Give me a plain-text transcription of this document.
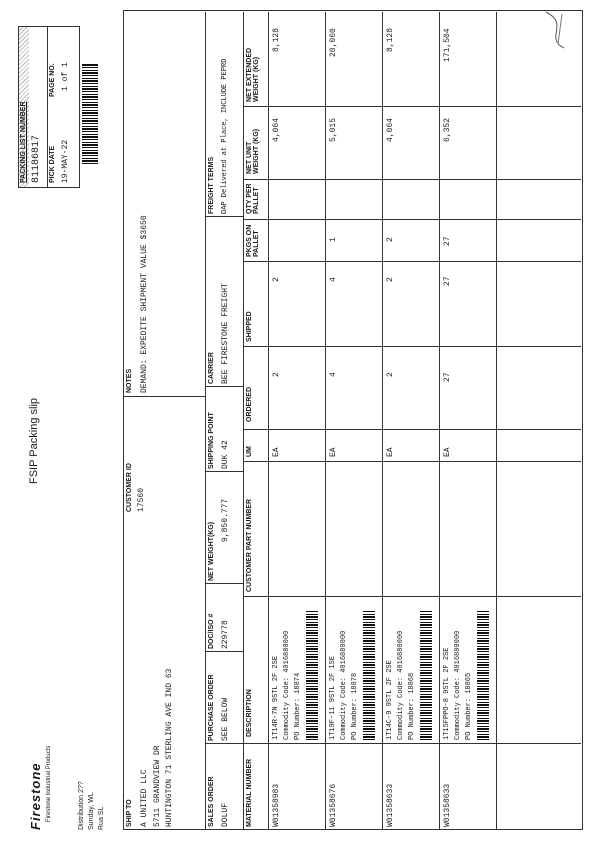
Firestone Firestone Industrial Products	Distribution 2?? Sunday, WL Rua SL
FSIP Packing slip
PACKING LIST NUMBER 81186817
PAGE NO. 1 of 1
PICK DATE 19-MAY-22
SHIP TO
CUSTOMER ID 17560
A UNITED LLC 5711 GRANDVIEW DR HUNTINGTON 71 STERLING AVE IND 63
NOTES DEMAND: EXPEDITE SHIPMENT VALUE $3650
SALES ORDER DOLUF
PURCHASE ORDER SEE BELOW
DOC/ISO # 229778
NET WEIGHT(KG)
9,850.777
SHIPPING POINT DUK 42
CARRIER BEE FIRESTONE FREIGHT
FREIGHT TERMS DAP Delivered at Place, INCLUDE PEPRD
MATERIAL NUMBER
DESCRIPTION
CUSTOMER PART NUMBER
UM
ORDERED
SHIPPED
PKGS ON PALLET
QTY PER PALLET
NET UNIT WEIGHT (KG)
NET EXTENDED WEIGHT (KG)
W01358983
1T14R-7N 9STL 2F 2SE Commodity Code: 4016880000 PO Number: 18874
EA
2
2
4,064
8,128
W01358676
1T19F-11 9STL 2F 1SE Commodity Code: 4016880000 PO Number: 18878
EA
4
4
1
5,015
20,060
W01358633
1T14C-9 9STL 2F 2SE Commodity Code: 4016880000 PO Number: 18868
EA
2
2
2
4,064
8,128
W01358633
1T15FPPO-8 9STL 2F 2SE Commodity Code: 4016880000 PO Number: 18865
EA
27
27
27
6,352
171,504
